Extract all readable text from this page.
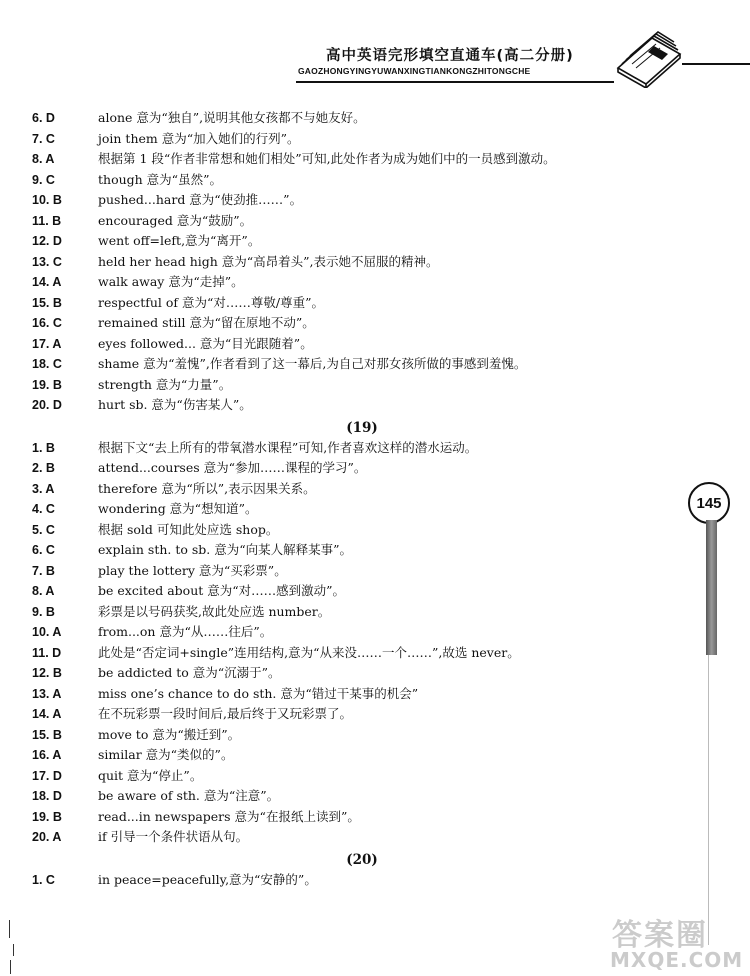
高中英语完形填空直通车(高二分册)
GAOZHONGYINGYUWANXINGTIANKONGZHITONGCHE
6. D	alone 意为“独自”,说明其他女孩都不与她友好。
7. C	join them 意为“加入她们的行列”。
8. A	根据第 1 段“作者非常想和她们相处”可知,此处作者为成为她们中的一员感到激动。
9. C	though 意为“虽然”。
10. B	pushed...hard 意为“使劲推……”。
11. B	encouraged 意为“鼓励”。
12. D	went off=left,意为“离开”。
13. C	held her head high 意为“高昂着头”,表示她不屈服的精神。
14. A	walk away 意为“走掉”。
15. B	respectful of 意为“对……尊敬/尊重”。
16. C	remained still 意为“留在原地不动”。
17. A	eyes followed... 意为“目光跟随着”。
18. C	shame 意为“羞愧”,作者看到了这一幕后,为自己对那女孩所做的事感到羞愧。
19. B	strength 意为“力量”。
20. D	hurt sb. 意为“伤害某人”。
(19)
1. B	根据下文“去上所有的带氧潜水课程”可知,作者喜欢这样的潜水运动。
2. B	attend...courses 意为“参加……课程的学习”。
3. A	therefore 意为“所以”,表示因果关系。
4. C	wondering 意为“想知道”。
5. C	根据 sold 可知此处应选 shop。
6. C	explain sth. to sb. 意为“向某人解释某事”。
7. B	play the lottery 意为“买彩票”。
8. A	be excited about 意为“对……感到激动”。
9. B	彩票是以号码获奖,故此处应选 number。
10. A	from...on 意为“从……往后”。
11. D	此处是“否定词+single”连用结构,意为“从来没……一个……”,故选 never。
12. B	be addicted to 意为“沉溺于”。
13. A	miss one’s chance to do sth. 意为“错过干某事的机会”
14. A	在不玩彩票一段时间后,最后终于又玩彩票了。
15. B	move to 意为“搬迁到”。
16. A	similar 意为“类似的”。
17. D	quit 意为“停止”。
18. D	be aware of sth. 意为“注意”。
19. B	read...in newspapers 意为“在报纸上读到”。
20. A	if 引导一个条件状语从句。
(20)
1. C	in peace=peacefully,意为“安静的”。
145
答案圈
MXQE.COM
